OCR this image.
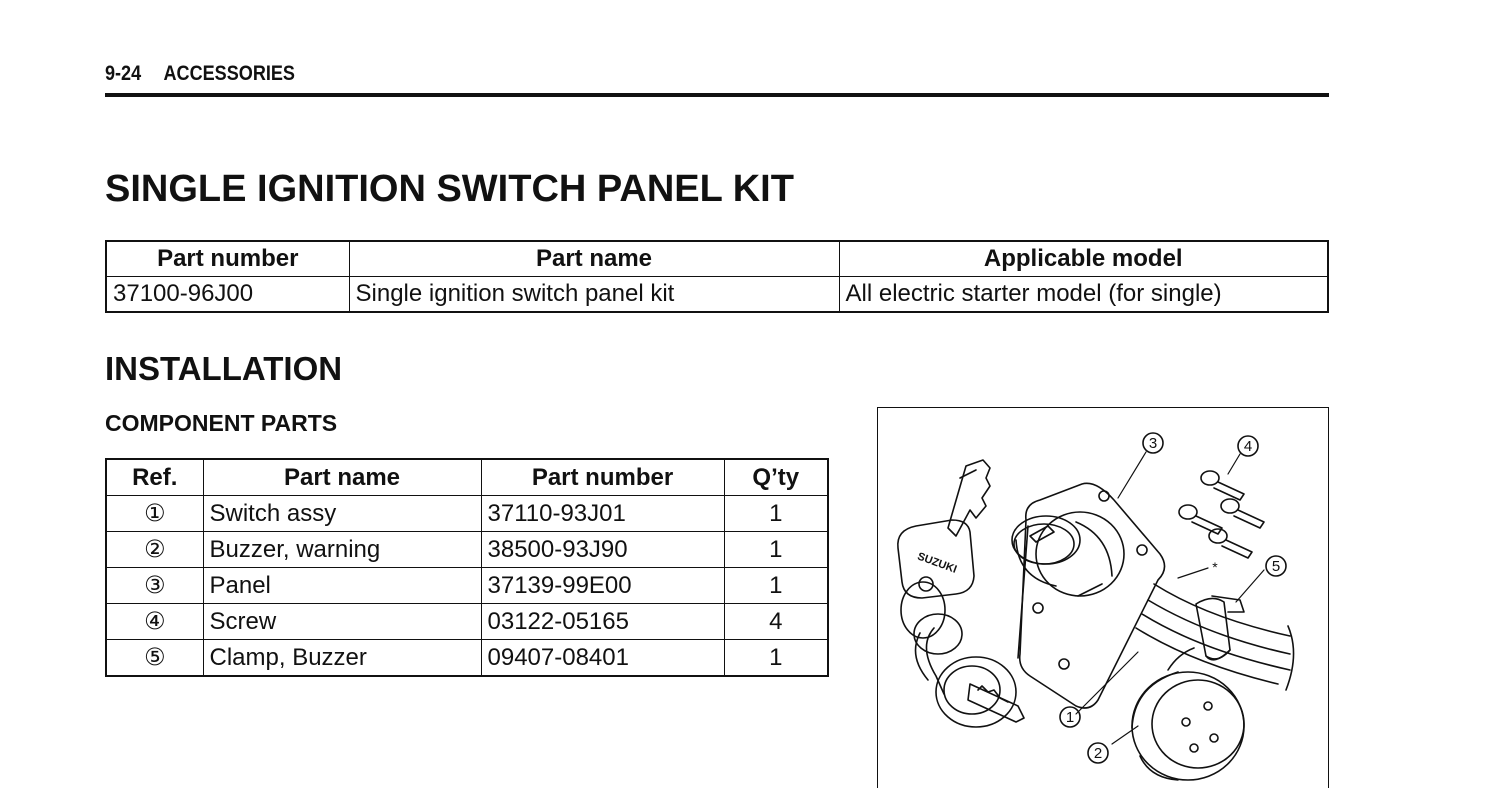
9-24 ACCESSORIES
SINGLE IGNITION SWITCH PANEL KIT
Part number	Part name	Applicable model
37100-96J00	Single ignition switch panel kit	All electric starter model (for single)
INSTALLATION
COMPONENT PARTS
Ref.	Part name	Part number	Q’ty
①	Switch assy	37110-93J01	1
②	Buzzer, warning	38500-93J90	1
③	Panel	37139-99E00	1
④	Screw	03122-05165	4
⑤	Clamp, Buzzer	09407-08401	1
3	4
5
1
2
*
SUZUKI
